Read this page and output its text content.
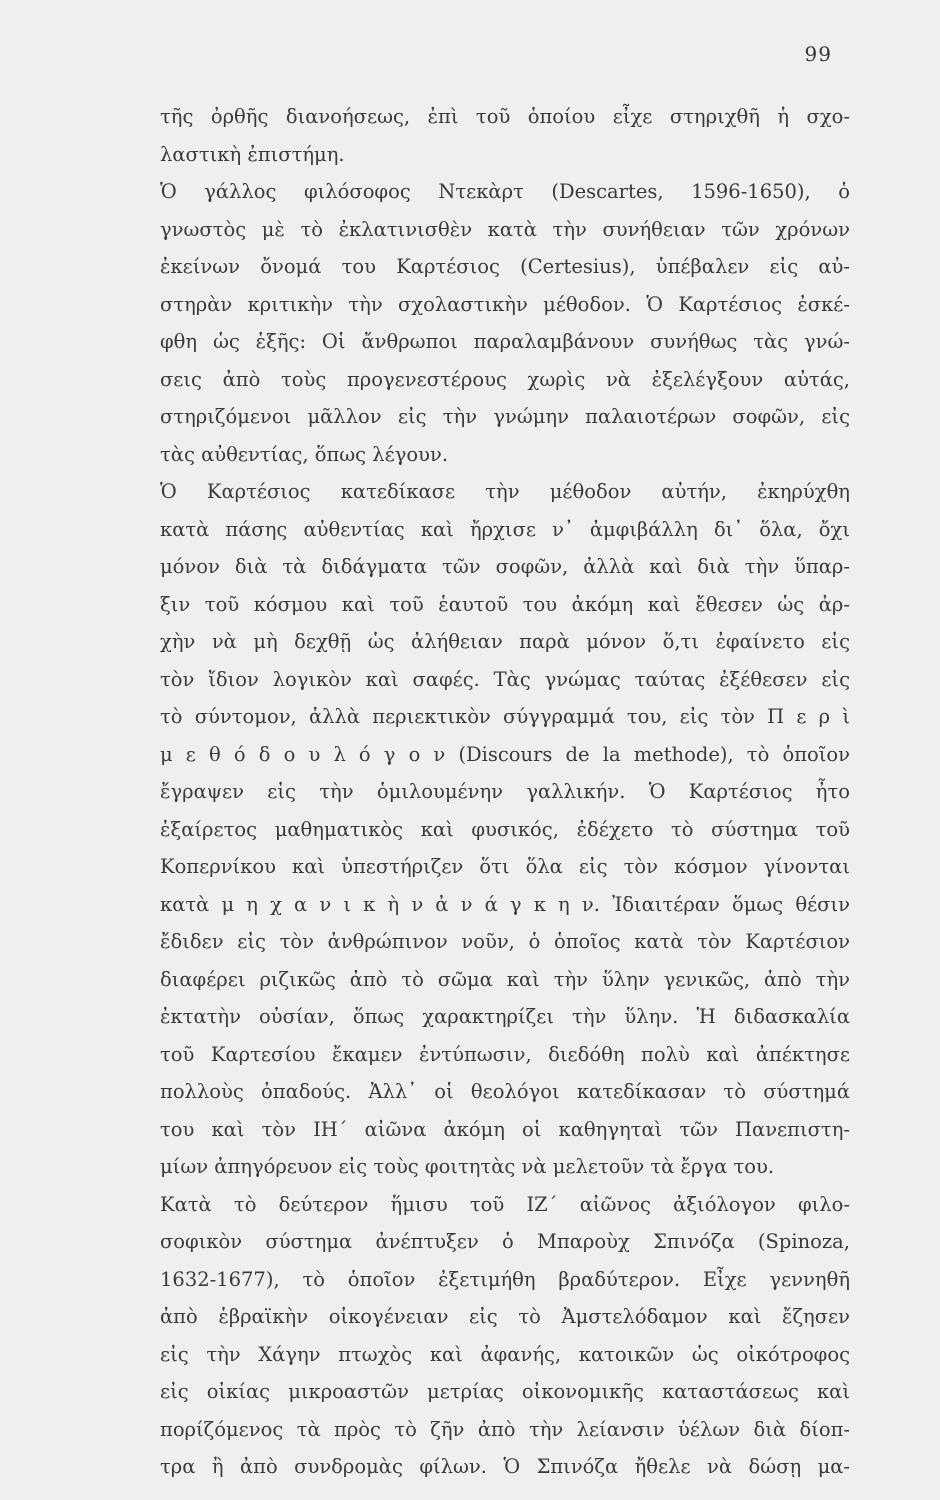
99
τῆς ὀρθῆς διανοήσεως, ἐπὶ τοῦ ὁποίου εἶχε στηριχθῆ ἡ σχο-
λαστικὴ ἐπιστήμη.
Ὁ γάλλος φιλόσοφος Ντεκὰρτ (Descartes, 1596-1650), ὁ
γνωστὸς μὲ τὸ ἐκλατινισθὲν κατὰ τὴν συνήθειαν τῶν χρόνων
ἐκείνων ὄνομά του Καρτέσιος (Certesius), ὑπέβαλεν εἰς αὐ-
στηρὰν κριτικὴν τὴν σχολαστικὴν μέθοδον. Ὁ Καρτέσιος ἐσκέ-
φθη ὡς ἑξῆς: Οἱ ἄνθρωποι παραλαμβάνουν συνήθως τὰς γνώ-
σεις ἀπὸ τοὺς προγενεστέρους χωρὶς νὰ ἐξελέγξουν αὐτάς,
στηριζόμενοι μᾶλλον εἰς τὴν γνώμην παλαιοτέρων σοφῶν, εἰς
τὰς αὐθεντίας, ὅπως λέγουν.
Ὁ Καρτέσιος κατεδίκασε τὴν μέθοδον αὐτήν, ἐκηρύχθη
κατὰ πάσης αὐθεντίας καὶ ἤρχισε ν᾽ ἀμφιβάλλη δι᾽ ὅλα, ὄχι
μόνον διὰ τὰ διδάγματα τῶν σοφῶν, ἀλλὰ καὶ διὰ τὴν ὕπαρ-
ξιν τοῦ κόσμου καὶ τοῦ ἑαυτοῦ του ἀκόμη καὶ ἔθεσεν ὡς ἀρ-
χὴν νὰ μὴ δεχθῇ ὡς ἀλήθειαν παρὰ μόνον ὅ,τι ἐφαίνετο εἰς
τὸν ἴδιον λογικὸν καὶ σαφές. Τὰς γνώμας ταύτας ἐξέθεσεν εἰς
τὸ σύντομον, ἀλλὰ περιεκτικὸν σύγγραμμά του, εἰς τὸν Π ε ρ ὶ
μ ε θ ό δ ο υ λ ό γ ο ν (Discours de la methode), τὸ ὁποῖον
ἔγραψεν εἰς τὴν ὁμιλουμένην γαλλικήν. Ὁ Καρτέσιος ἦτο
ἐξαίρετος μαθηματικὸς καὶ φυσικός, ἐδέχετο τὸ σύστημα τοῦ
Κοπερνίκου καὶ ὑπεστήριζεν ὅτι ὅλα εἰς τὸν κόσμον γίνονται
κατὰ μ η χ α ν ι κ ὴ ν ἀ ν ά γ κ η ν. Ἰδιαιτέραν ὅμως θέσιν
ἔδιδεν εἰς τὸν ἀνθρώπινον νοῦν, ὁ ὁποῖος κατὰ τὸν Καρτέσιον
διαφέρει ριζικῶς ἀπὸ τὸ σῶμα καὶ τὴν ὕλην γενικῶς, ἀπὸ τὴν
ἐκτατὴν οὐσίαν, ὅπως χαρακτηρίζει τὴν ὕλην. Ἡ διδασκαλία
τοῦ Καρτεσίου ἔκαμεν ἐντύπωσιν, διεδόθη πολὺ καὶ ἀπέκτησε
πολλοὺς ὀπαδούς. Ἀλλ᾽ οἱ θεολόγοι κατεδίκασαν τὸ σύστημά
του καὶ τὸν ΙΗ΄ αἰῶνα ἀκόμη οἱ καθηγηταὶ τῶν Πανεπιστη-
μίων ἀπηγόρευον εἰς τοὺς φοιτητὰς νὰ μελετοῦν τὰ ἔργα του.
Κατὰ τὸ δεύτερον ἥμισυ τοῦ ΙΖ΄ αἰῶνος ἀξιόλογον φιλο-
σοφικὸν σύστημα ἀνέπτυξεν ὁ Μπαροὺχ Σπινόζα (Spinoza,
1632-1677), τὸ ὁποῖον ἐξετιμήθη βραδύτερον. Εἶχε γεννηθῆ
ἀπὸ ἑβραϊκὴν οἰκογένειαν εἰς τὸ Ἀμστελόδαμον καὶ ἔζησεν
εἰς τὴν Χάγην πτωχὸς καὶ ἀφανής, κατοικῶν ὡς οἰκότροφος
εἰς οἰκίας μικροαστῶν μετρίας οἰκονομικῆς καταστάσεως καὶ
πορίζόμενος τὰ πρὸς τὸ ζῆν ἀπὸ τὴν λείανσιν ὑέλων διὰ δίοπ-
τρα ἢ ἀπὸ συνδρομὰς φίλων. Ὁ Σπινόζα ἤθελε νὰ δώσῃ μα-
